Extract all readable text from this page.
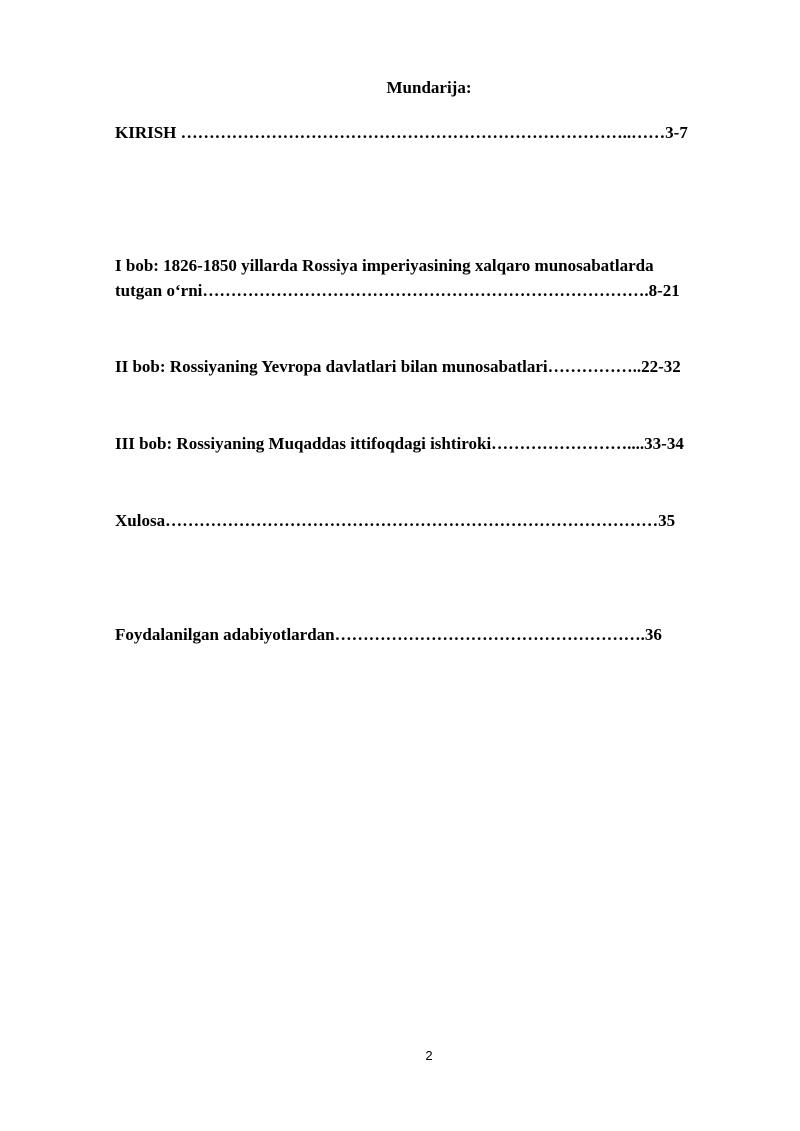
Mundarija:
KIRISH ……………………………………………………………………..……3-7
I bob: 1826-1850 yillarda Rossiya imperiyasining xalqaro munosabatlarda
tutgan o‘rni…………………………………………………………………….8-21
II bob: Rossiyaning Yevropa davlatlari bilan munosabatlari……………..22-32
III bob: Rossiyaning Muqaddas ittifoqdagi ishtiroki……………………....33-34
Xulosa……………………………………………………………………………35
Foydalanilgan adabiyotlardan……………………………………………….36
2
